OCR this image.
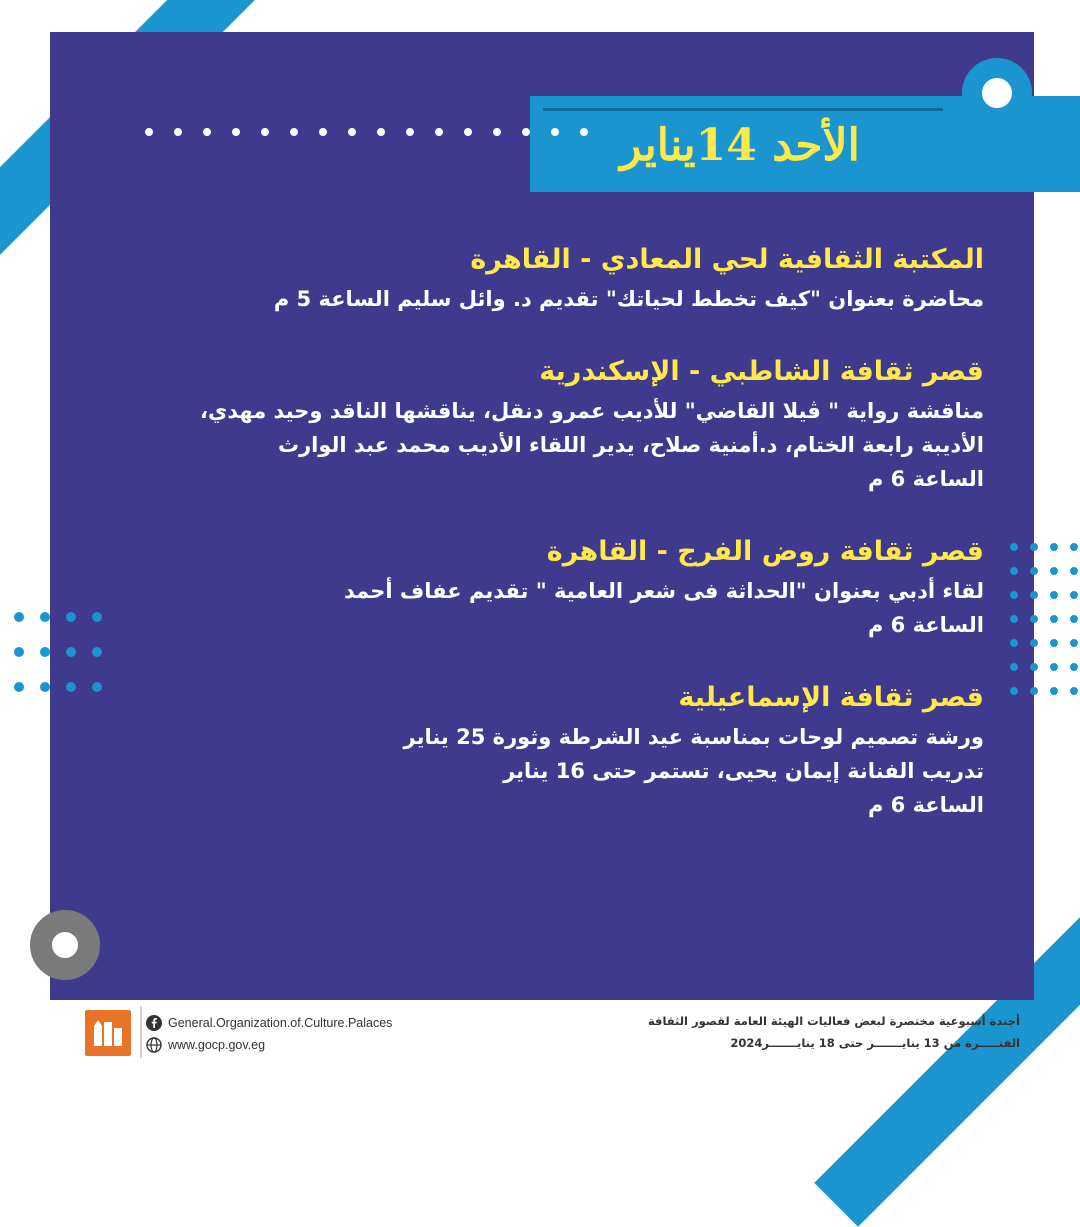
الأحد 14يناير
المكتبة الثقافية لحي المعادي - القاهرة
محاضرة بعنوان "كيف تخطط لحياتك" تقديم د. وائل سليم الساعة 5 م
قصر ثقافة الشاطبي - الإسكندرية
مناقشة رواية " ڤيلا القاضي" للأديب عمرو دنقل، يناقشها الناقد وحيد مهدي،
الأديبة رابعة الختام، د.أمنية صلاح، يدير اللقاء الأديب محمد عبد الوارث
الساعة 6 م
قصر ثقافة روض الفرج - القاهرة
لقاء أدبي بعنوان "الحداثة فى شعر العامية " تقديم عفاف أحمد
الساعة 6 م
قصر ثقافة الإسماعيلية
ورشة تصميم لوحات بمناسبة عيد الشرطة وثورة 25 يناير
تدريب الفنانة إيمان يحيى، تستمر حتى 16 يناير
الساعة 6 م
General.Organization.of.Culture.Palaces
www.gocp.gov.eg
أجندة أسبوعية مختصرة لبعض فعاليات الهيئة العامة لقصور الثقافة
الفتـــــرة من 13 ينايـــــــر حتى 18 ينايـــــــر2024
